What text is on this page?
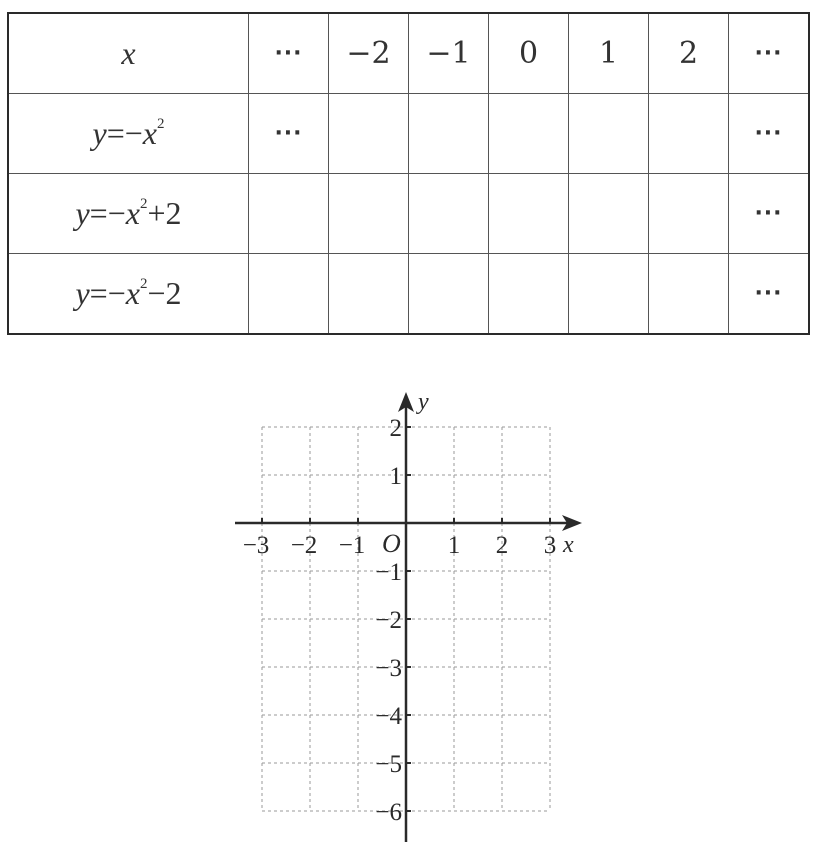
x	···	−2	−1	0	1	2	···
$y=-x^2$	···						···
$y=-x^2+2$							···
$y=-x^2-2$							···
−3 −2 −1	1 2 3
2
1
−1
−2
−3
−4
−5
−6
x
y
O
